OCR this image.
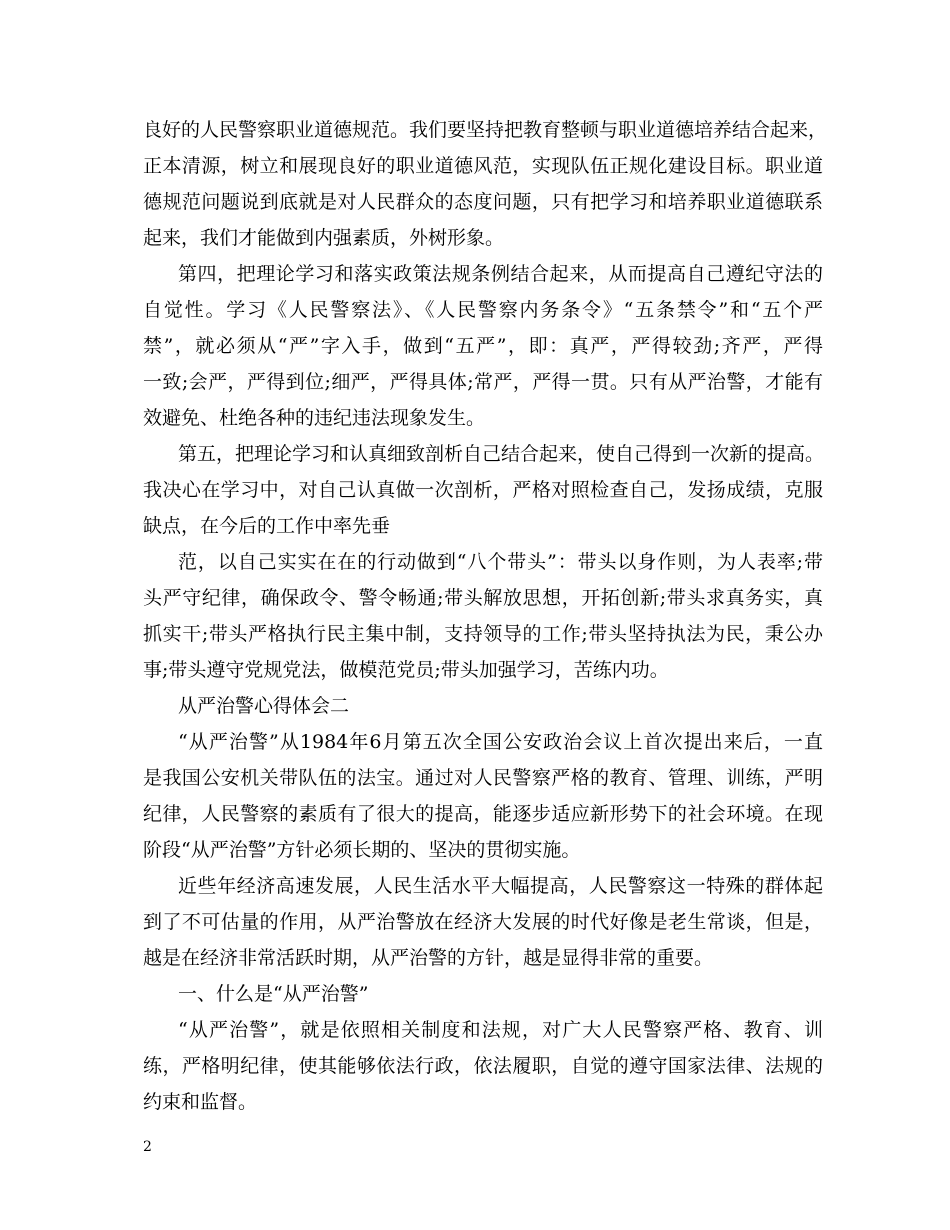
良好的人民警察职业道德规范。我们要坚持把教育整顿与职业道德培养结合起来，
正本清源，树立和展现良好的职业道德风范，实现队伍正规化建设目标。职业道
德规范问题说到底就是对人民群众的态度问题，只有把学习和培养职业道德联系
起来，我们才能做到内强素质，外树形象。
第四，把理论学习和落实政策法规条例结合起来，从而提高自己遵纪守法的
自觉性。学习《人民警察法》、《人民警察内务条令》“五条禁令”和“五个严
禁”，就必须从“严”字入手，做到“五严”，即：真严，严得较劲;齐严，严得
一致;会严，严得到位;细严，严得具体;常严，严得一贯。只有从严治警，才能有
效避免、杜绝各种的违纪违法现象发生。
第五，把理论学习和认真细致剖析自己结合起来，使自己得到一次新的提高。
我决心在学习中，对自己认真做一次剖析，严格对照检查自己，发扬成绩，克服
缺点，在今后的工作中率先垂
范，以自己实实在在的行动做到“八个带头”：带头以身作则，为人表率;带
头严守纪律，确保政令、警令畅通;带头解放思想，开拓创新;带头求真务实，真
抓实干;带头严格执行民主集中制，支持领导的工作;带头坚持执法为民，秉公办
事;带头遵守党规党法，做模范党员;带头加强学习，苦练内功。
从严治警心得体会二
“从严治警”从1984年6月第五次全国公安政治会议上首次提出来后，一直
是我国公安机关带队伍的法宝。通过对人民警察严格的教育、管理、训练，严明
纪律，人民警察的素质有了很大的提高，能逐步适应新形势下的社会环境。在现
阶段“从严治警”方针必须长期的、坚决的贯彻实施。
近些年经济高速发展，人民生活水平大幅提高，人民警察这一特殊的群体起
到了不可估量的作用，从严治警放在经济大发展的时代好像是老生常谈，但是，
越是在经济非常活跃时期，从严治警的方针，越是显得非常的重要。
一、什么是“从严治警”
“从严治警”，就是依照相关制度和法规，对广大人民警察严格、教育、训
练，严格明纪律，使其能够依法行政，依法履职，自觉的遵守国家法律、法规的
约束和监督。
2
